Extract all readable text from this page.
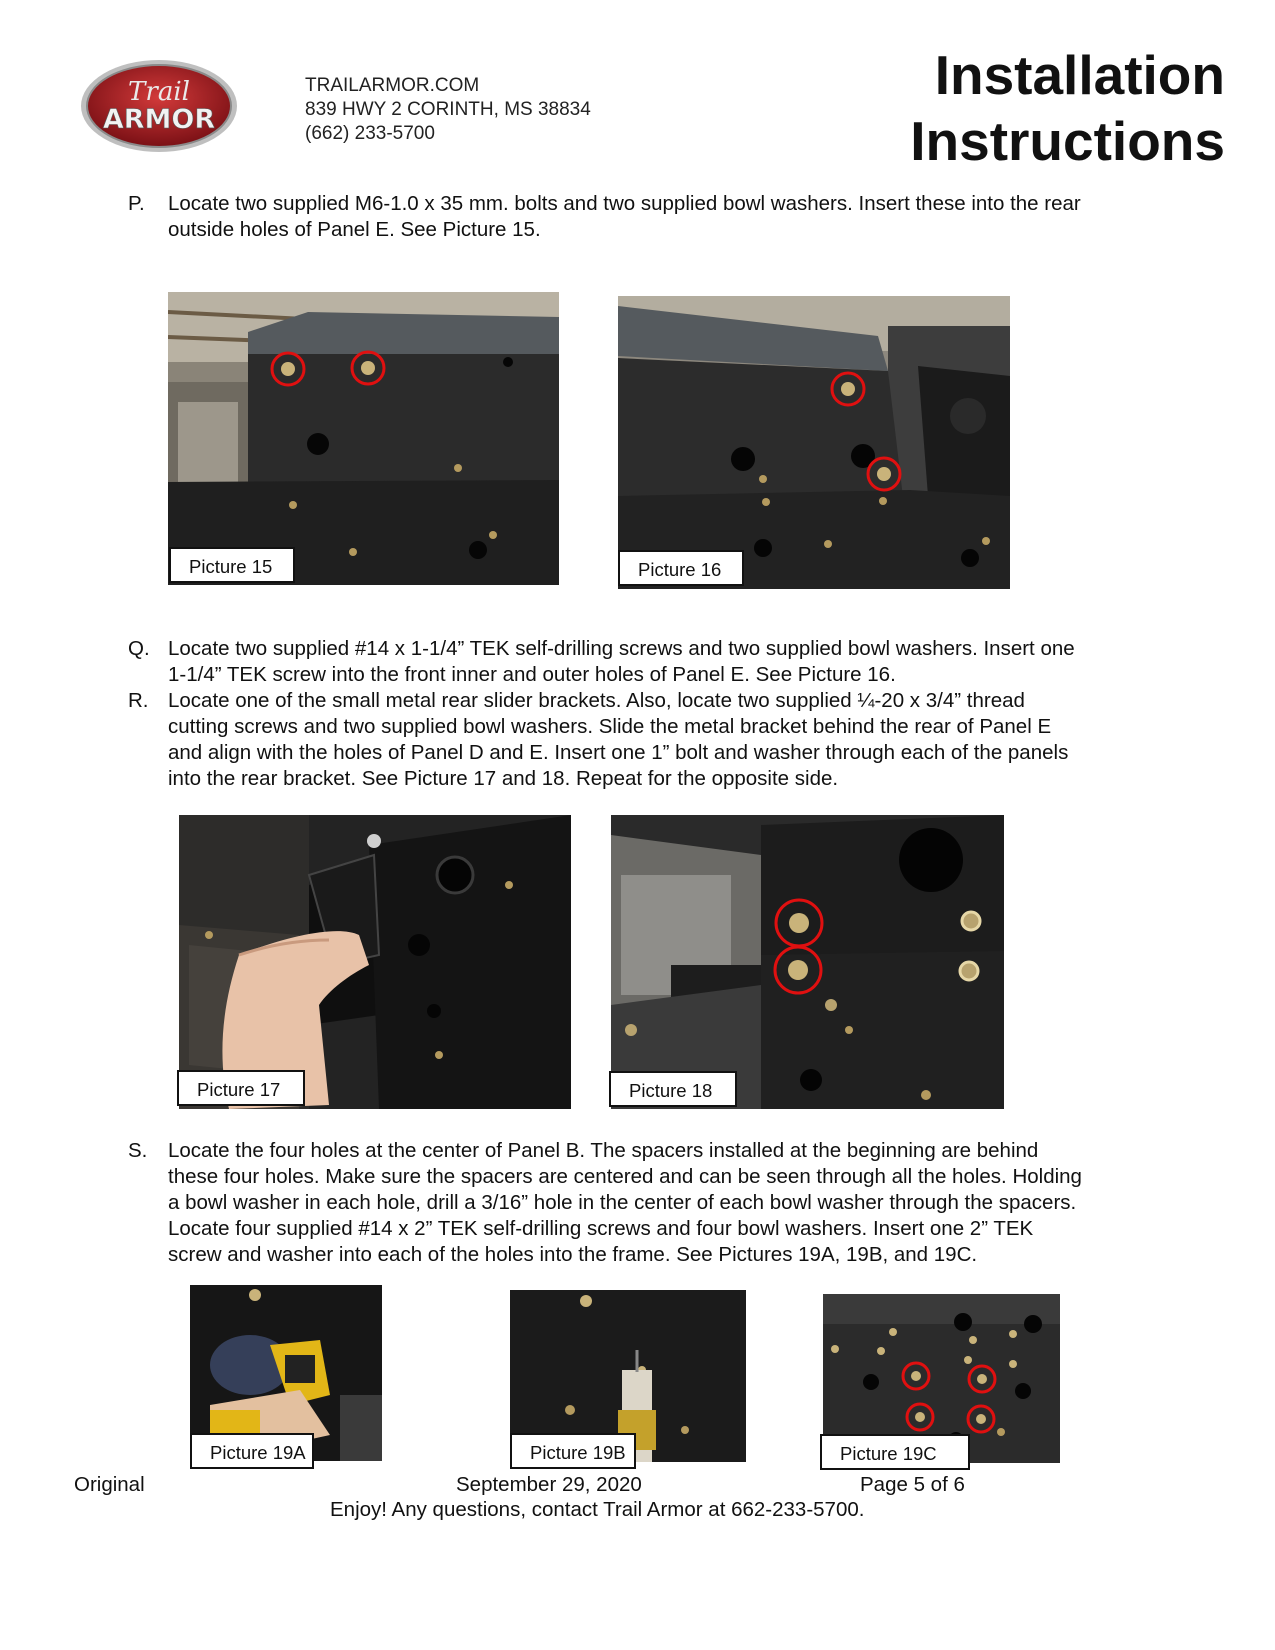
Trail
ARMOR
TRAILARMOR.COM
839 HWY 2 CORINTH, MS 38834
(662) 233-5700
Installation
Instructions
P.	Locate two supplied M6-1.0 x 35 mm. bolts and two supplied bowl washers. Insert these into the rear
outside holes of Panel E. See Picture 15.
Picture 15	Picture 16
Q. Locate two supplied #14 x 1-1/4” TEK self-drilling screws and two supplied bowl washers. Insert one
1-1/4” TEK screw into the front inner and outer holes of Panel E. See Picture 16.
R. Locate one of the small metal rear slider brackets. Also, locate two supplied ¼-20 x 3/4” thread
cutting screws and two supplied bowl washers. Slide the metal bracket behind the rear of Panel E
and align with the holes of Panel D and E. Insert one 1” bolt and washer through each of the panels
into the rear bracket. See Picture 17 and 18. Repeat for the opposite side.
Picture 17	Picture 18
S.	Locate the four holes at the center of Panel B. The spacers installed at the beginning are behind
these four holes. Make sure the spacers are centered and can be seen through all the holes. Holding
a bowl washer in each hole, drill a 3/16” hole in the center of each bowl washer through the spacers.
Locate four supplied #14 x 2” TEK self-drilling screws and four bowl washers. Insert one 2” TEK
screw and washer into each of the holes into the frame. See Pictures 19A, 19B, and 19C.
Picture 19A	Picture 19B	Picture 19C
Original	September 29, 2020	Page 5 of 6
Enjoy! Any questions, contact Trail Armor at 662-233-5700.
